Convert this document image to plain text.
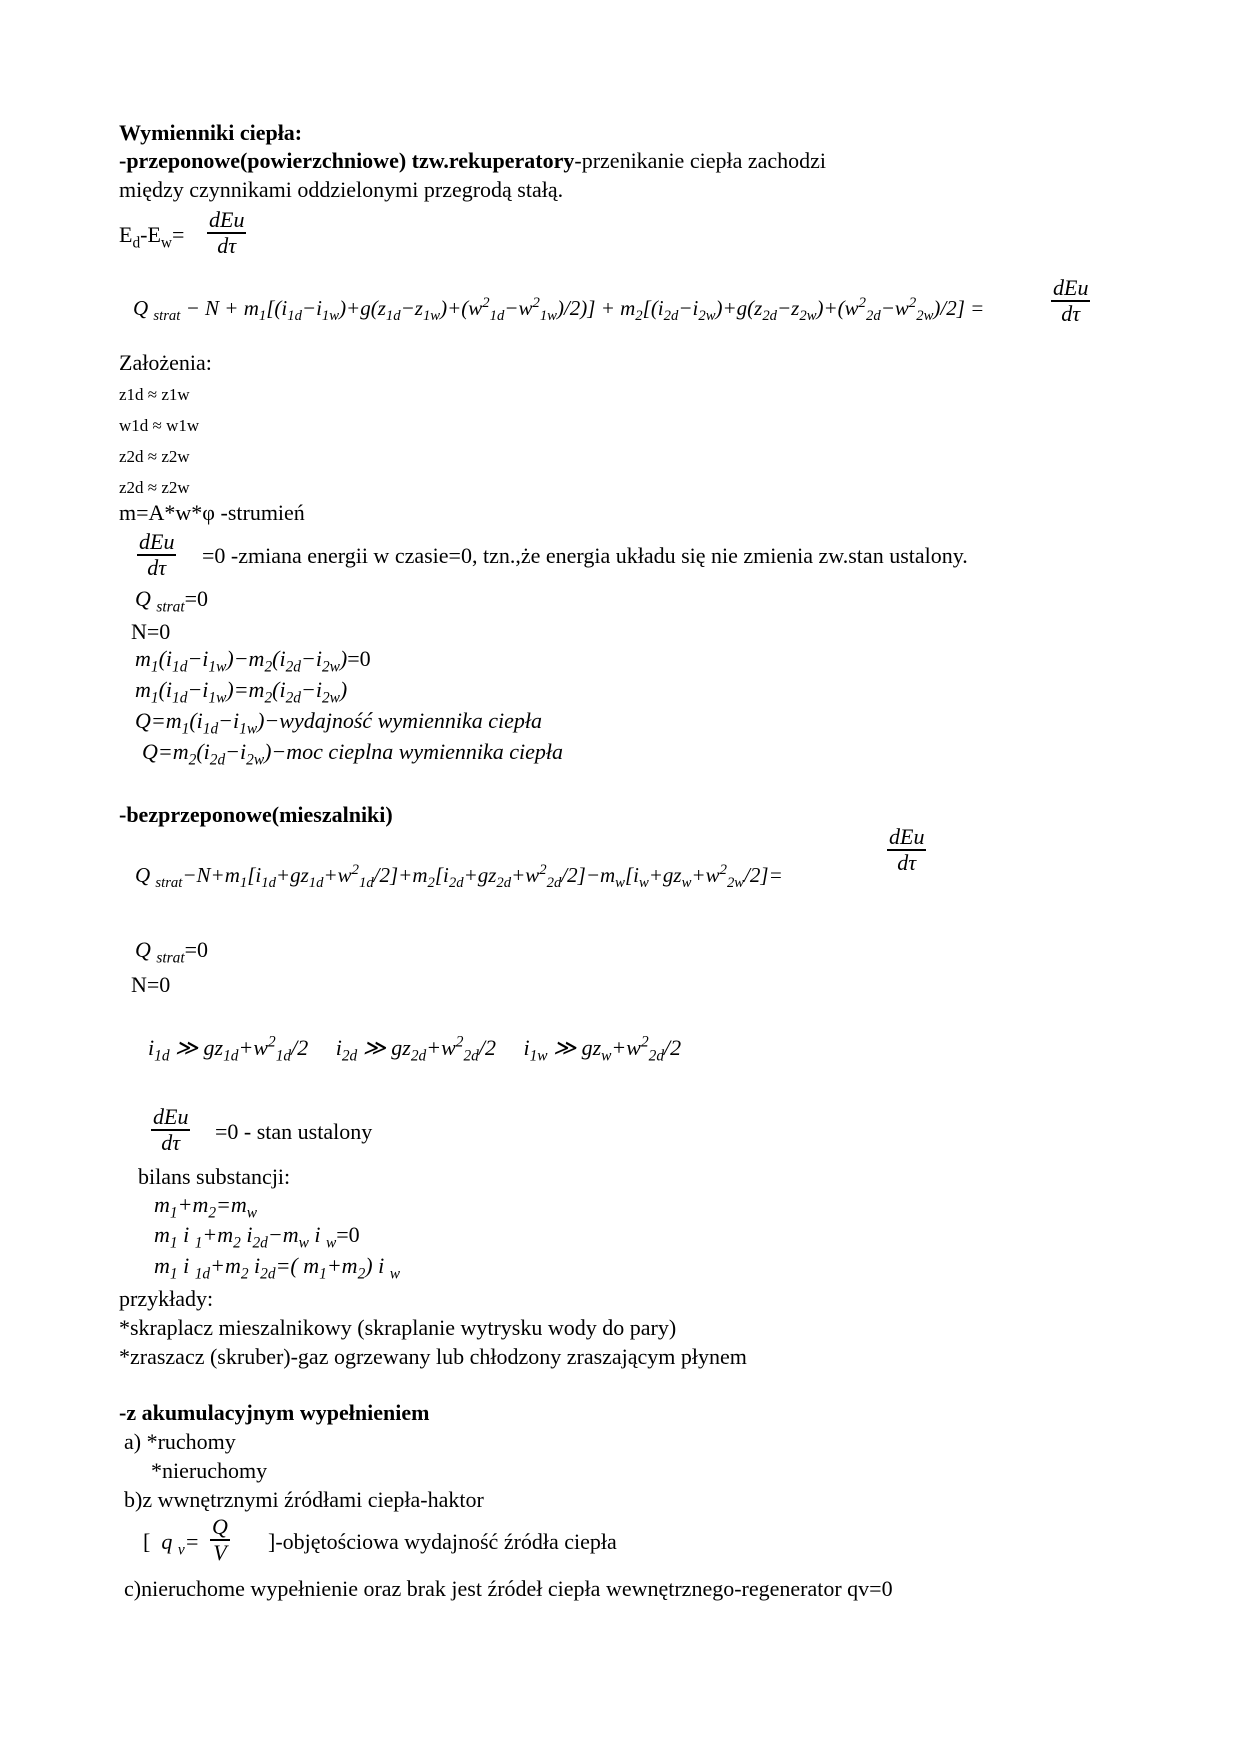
Wymienniki ciepła:
-przeponowe(powierzchniowe) tzw.rekuperatory-przenikanie ciepła zachodzi
między czynnikami oddzielonymi przegrodą stałą.
$E_d-E_w=$
dEu
dτ
Q $_{strat} - N + m_1[(i_{1d}-i_{1w})+g(z_{1d}-z_{1w})+(w^2_{1d}-w^2_{1w})/2)] + m_2[(i_{2d}-i_{2w})+g(z_{2d}-z_{2w})+(w^2_{2d}-w^2_{2w})/2]$ =
dEu
dτ
Założenia:
z1d ≈ z1w
w1d ≈ w1w
z2d ≈ z2w
z2d ≈ z2w
m=A*w*φ -strumień
dEu
dτ =0 -zmiana energii w czasie=0, tzn.,że energia układu się nie zmienia zw.stan ustalony.
Q $_{strat}$=0
N=0
$m_1(i_{1d}-i_{1w})-m_2(i_{2d}-i_{2w})=0$
$m_1(i_{1d}-i_{1w})=m_2(i_{2d}-i_{2w})$
$Q=m_1(i_{1d}-i_{1w})-wydajność$ wymiennika ciepła
$Q=m_2(i_{2d}-i_{2w})-moc$ cieplna wymiennika ciepła
-bezprzeponowe(mieszalniki)
Q $_{strat}-N+m_1[i_{1d}+gz_{1d}+w^2_{1d}/2]+m_2[i_{2d}+gz_{2d}+w^2_{2d}/2]-m_w[i_w+gz_w+w^2_{2w}/2]=$
dEu
dτ
Q $_{strat}$=0
N=0
$i_{1d}$ ≫ $gz_{1d}+w^2_{1d}/2$     $i_{2d}$ ≫ $gz_{2d}+w^2_{2d}/2$     $i_{1w}$ ≫ $gz_w+w^2_{2d}/2$
dEu
dτ =0 - stan ustalony
bilans substancji:
$m_1+m_2=m_w$
$m_1$ i $_1+m_2$ $i_{2d}-m_w$ i $_w$=0
$m_1$ i $_{1d}+m_2$ $i_{2d}=$( $m_1+m_2$) i $_w$
przykłady:
*skraplacz mieszalnikowy (skraplanie wytrysku wody do pary)
*zraszacz (skruber)-gaz ogrzewany lub chłodzony zraszającym płynem
-z akumulacyjnym wypełnieniem
a) *ruchomy
*nieruchomy
b)z wwnętrznymi źródłami ciepła-haktor
[  q $_v= \frac{Q}{V}$ ]-objętościowa wydajność źródła ciepła
c)nieruchome wypełnienie oraz brak jest źródeł ciepła wewnętrznego-regenerator qv=0
